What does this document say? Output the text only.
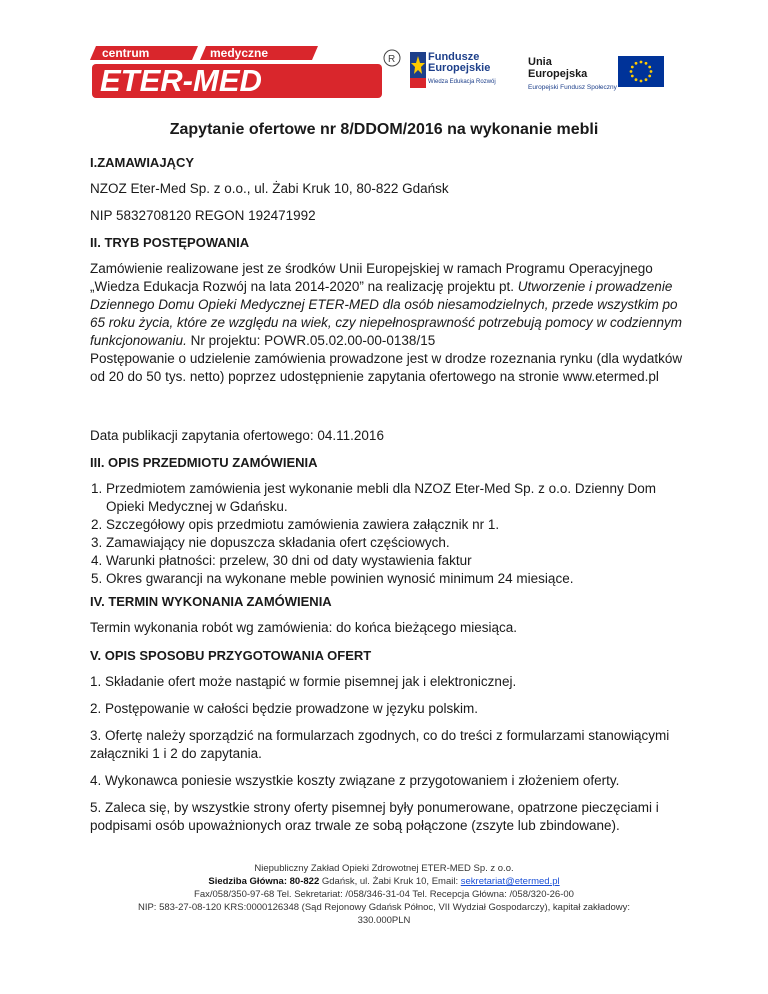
centrum	medyczne
ETER-MED
R	Fundusze
Europejskie
Wiedza Edukacja Rozwój
Unia Europejska
Europejski Fundusz Społeczny
Zapytanie ofertowe nr 8/DDOM/2016 na wykonanie mebli

I.ZAMAWIAJĄCY

NZOZ Eter-Med Sp. z o.o., ul. Żabi Kruk 10, 80-822 Gdańsk

NIP 5832708120 REGON 192471992

II. TRYB POSTĘPOWANIA

Zamówienie realizowane jest ze środków Unii Europejskiej w ramach Programu Operacyjnego „Wiedza Edukacja Rozwój na lata 2014-2020” na realizację projektu pt. Utworzenie i prowadzenie Dziennego Domu Opieki Medycznej ETER-MED dla osób niesamodzielnych, przede wszystkim po 65 roku życia, które ze względu na wiek, czy niepełnosprawność potrzebują pomocy w codziennym funkcjonowaniu. Nr projektu: POWR.05.02.00-00-0138/15

Postępowanie o udzielenie zamówienia prowadzone jest w drodze rozeznania rynku (dla wydatków od 20 do 50 tys. netto) poprzez udostępnienie zapytania ofertowego na stronie www.etermed.pl

Data publikacji zapytania ofertowego: 04.11.2016

III. OPIS PRZEDMIOTU ZAMÓWIENIA

1. Przedmiotem zamówienia jest wykonanie mebli dla NZOZ Eter-Med Sp. z o.o. Dzienny Dom Opieki Medycznej w Gdańsku.
2. Szczegółowy opis przedmiotu zamówienia zawiera załącznik nr 1.
3. Zamawiający nie dopuszcza składania ofert częściowych.
4. Warunki płatności: przelew, 30 dni od daty wystawienia faktur
5. Okres gwarancji na wykonane meble powinien wynosić minimum 24 miesiące.

IV. TERMIN WYKONANIA ZAMÓWIENIA

Termin wykonania robót wg zamówienia: do końca bieżącego miesiąca.

V. OPIS SPOSOBU PRZYGOTOWANIA OFERT

1. Składanie ofert może nastąpić w formie pisemnej jak i elektronicznej.

2. Postępowanie w całości będzie prowadzone w języku polskim.

3. Ofertę należy sporządzić na formularzach zgodnych, co do treści z formularzami stanowiącymi załączniki 1 i 2 do zapytania.

4. Wykonawca poniesie wszystkie koszty związane z przygotowaniem i złożeniem oferty.

5. Zaleca się, by wszystkie strony oferty pisemnej były ponumerowane, opatrzone pieczęciami i podpisami osób upoważnionych oraz trwale ze sobą połączone (zszyte lub zbindowane).

Niepubliczny Zakład Opieki Zdrowotnej ETER-MED Sp. z o.o.
Siedziba Główna: 80-822 Gdańsk, ul. Żabi Kruk 10, Email: sekretariat@etermed.pl
Fax/058/350-97-68 Tel. Sekretariat: /058/346-31-04 Tel. Recepcja Główna: /058/320-26-00
NIP: 583-27-08-120 KRS:0000126348 (Sąd Rejonowy Gdańsk Północ, VII Wydział Gospodarczy), kapitał zakładowy:
330.000PLN
